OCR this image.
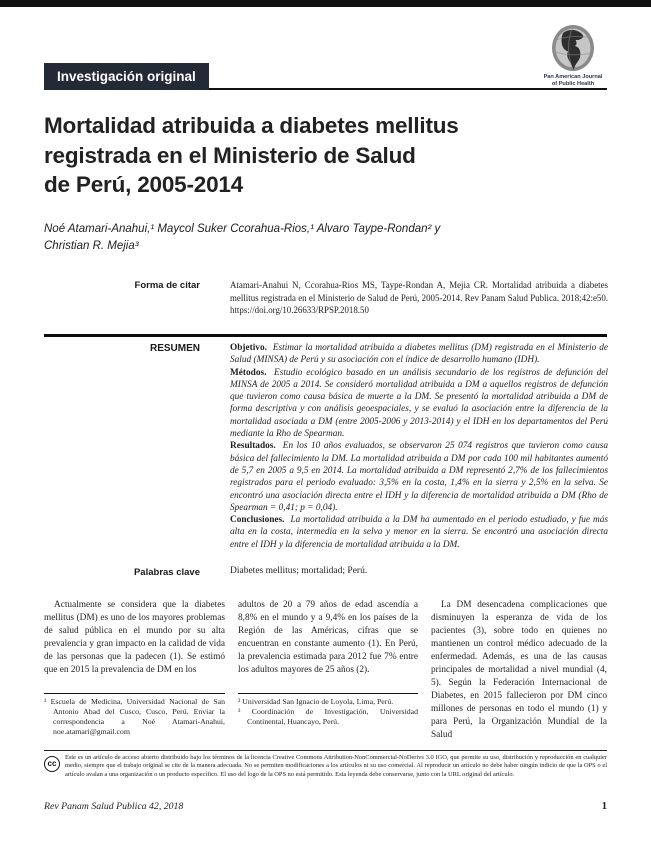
Investigación original	Pan American Journal
of Public Health
Mortalidad atribuida a diabetes mellitus
registrada en el Ministerio de Salud
de Perú, 2005-2014
Noé Atamari-Anahui,¹ Maycol Suker Ccorahua-Rios,¹ Alvaro Taype-Rondan² y
Christian R. Mejia³
Forma de citar	Atamari-Anahui N, Ccorahua-Rios MS, Taype-Rondan A, Mejia CR. Mortalidad atribuida a diabetes mellitus registrada en el Ministerio de Salud de Perú, 2005-2014. Rev Panam Salud Publica. 2018;42:e50. https://doi.org/10.26633/RPSP.2018.50
RESUMEN	Objetivo. Estimar la mortalidad atribuida a diabetes mellitus (DM) registrada en el Ministerio de Salud (MINSA) de Perú y su asociación con el índice de desarrollo humano (IDH).

Métodos. Estudio ecológico basado en un análisis secundario de los registros de defunción del MINSA de 2005 a 2014. Se consideró mortalidad atribuida a DM a aquellos registros de defunción que tuvieron como causa básica de muerte a la DM. Se presentó la mortalidad atribuida a DM de forma descriptiva y con análisis geoespaciales, y se evaluó la asociación entre la diferencia de la mortalidad asociada a DM (entre 2005-2006 y 2013-2014) y el IDH en los departamentos del Perú mediante la Rho de Spearman.

Resultados. En los 10 años evaluados, se observaron 25 074 registros que tuvieron como causa básica del fallecimiento la DM. La mortalidad atribuida a DM por cada 100 mil habitantes aumentó de 5,7 en 2005 a 9,5 en 2014. La mortalidad atribuida a DM representó 2,7% de los fallecimientos registrados para el periodo evaluado: 3,5% en la costa, 1,4% en la sierra y 2,5% en la selva. Se encontró una asociación directa entre el IDH y la diferencia de mortalidad atribuida a DM (Rho de Spearman = 0,41; p = 0,04).

Conclusiones. La mortalidad atribuida a la DM ha aumentado en el periodo estudiado, y fue más alta en la costa, intermedia en la selva y menor en la sierra. Se encontró una asociación directa entre el IDH y la diferencia de mortalidad atribuida a la DM.

Palabras clave	Diabetes mellitus; mortalidad; Perú.

Actualmente se considera que la diabetes mellitus (DM) es uno de los mayores problemas de salud pública en el mundo por su alta prevalencia y gran impacto en la calidad de vida de las personas que la padecen (1). Se estimó que en 2015 la prevalencia de DM en los

adultos de 20 a 79 años de edad ascendía a 8,8% en el mundo y a 9,4% en los países de la Región de las Américas, cifras que se encuentran en constante aumento (1). En Perú, la prevalencia estimada para 2012 fue 7% entre los adultos mayores de 25 años (2).

La DM desencadena complicaciones que disminuyen la esperanza de vida de los pacientes (3), sobre todo en quienes no mantienen un control médico adecuado de la enfermedad. Además, es una de las causas principales de mortalidad a nivel mundial (4, 5). Según la Federación Internacional de Diabetes, en 2015 fallecieron por DM cinco millones de personas en todo el mundo (1) y para Perú, la Organización Mundial de la Salud

¹ Escuela de Medicina, Universidad Nacional de San Antonio Abad del Cusco, Cusco, Perú. Enviar la correspondencia a Noé Atamari-Anahui, noe.atamari@gmail.com

² Universidad San Ignacio de Loyola, Lima, Perú.

³ Coordinación de Investigación, Universidad Continental, Huancayo, Perú.

cc
Este es un artículo de acceso abierto distribuido bajo los términos de la licencia Creative Commons Attribution-NonCommercial-NoDerivs 3.0 IGO, que permite su uso, distribución y reproducción en cualquier medio, siempre que el trabajo original se cite de la manera adecuada. No se permiten modificaciones a los artículos ni su uso comercial. Al reproducir un artículo no debe haber ningún indicio de que la OPS o el artículo avalan a una organización o un producto específico. El uso del logo de la OPS no está permitido. Esta leyenda debe conservarse, junto con la URL original del artículo.
Rev Panam Salud Publica 42, 2018	1
